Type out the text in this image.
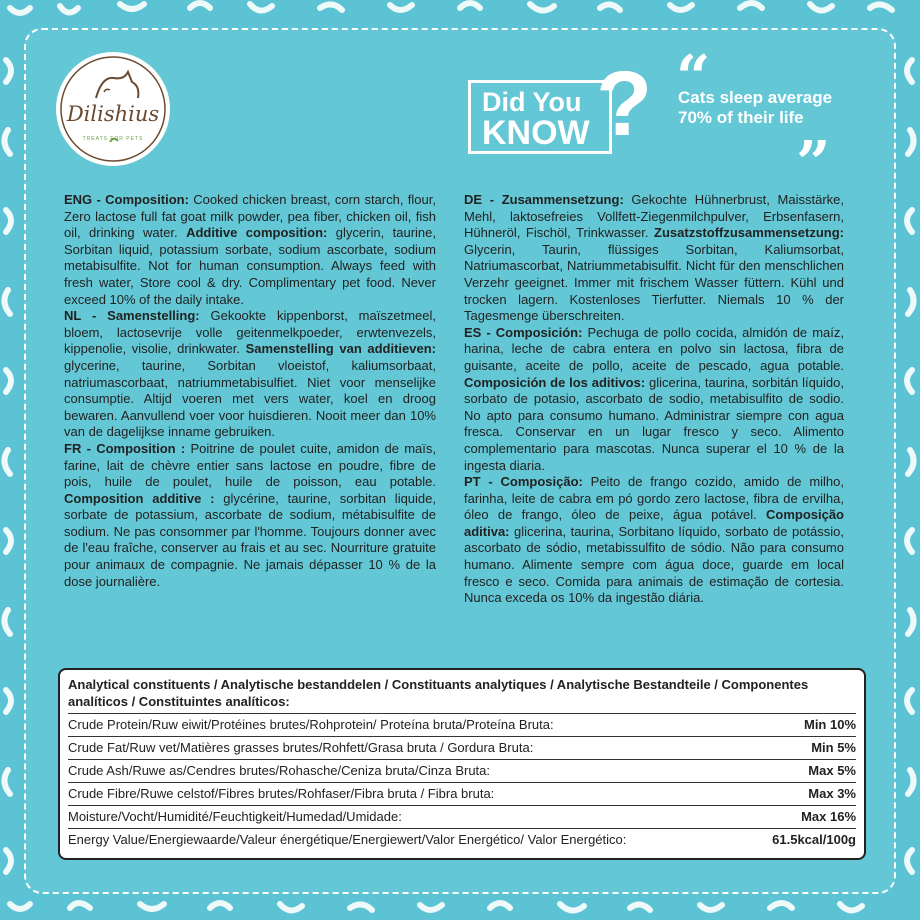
Dilishius
TREATS FOR PETS
Did You
KNOW ? “
Cats sleep average 70% of their life
”

ENG - Composition: Cooked chicken breast, corn starch, flour, Zero lactose full fat goat milk powder, pea fiber, chicken oil, fish oil, drinking water. Additive composition: glycerin, taurine, Sorbitan liquid, potassium sorbate, sodium ascorbate, sodium metabisulfite. Not for human consumption. Always feed with fresh water, Store cool & dry. Complimentary pet food. Never exceed 10% of the daily intake.

NL - Samenstelling: Gekookte kippenborst, maïszetmeel, bloem, lactosevrije volle geitenmelkpoeder, erwtenvezels, kippenolie, visolie, drinkwater. Samenstelling van additieven: glycerine, taurine, Sorbitan vloeistof, kaliumsorbaat, natriumascorbaat, natriummetabisulfiet. Niet voor menselijke consumptie. Altijd voeren met vers water, koel en droog bewaren. Aanvullend voer voor huisdieren. Nooit meer dan 10% van de dagelijkse inname gebruiken.

FR - Composition : Poitrine de poulet cuite, amidon de maïs, farine, lait de chèvre entier sans lactose en poudre, fibre de pois, huile de poulet, huile de poisson, eau potable. Composition additive : glycérine, taurine, sorbitan liquide, sorbate de potassium, ascorbate de sodium, métabisulfite de sodium. Ne pas consommer par l'homme. Toujours donner avec de l'eau fraîche, conserver au frais et au sec. Nourriture gratuite pour animaux de compagnie. Ne jamais dépasser 10 % de la dose journalière.

DE - Zusammensetzung: Gekochte Hühnerbrust, Maisstärke, Mehl, laktosefreies Vollfett-Ziegenmilchpulver, Erbsenfasern, Hühneröl, Fischöl, Trinkwasser. Zusatzstoffzusammensetzung: Glycerin, Taurin, flüssiges Sorbitan, Kaliumsorbat, Natriumascorbat, Natriummetabisulfit. Nicht für den menschlichen Verzehr geeignet. Immer mit frischem Wasser füttern. Kühl und trocken lagern. Kostenloses Tierfutter. Niemals 10 % der Tagesmenge überschreiten.

ES - Composición: Pechuga de pollo cocida, almidón de maíz, harina, leche de cabra entera en polvo sin lactosa, fibra de guisante, aceite de pollo, aceite de pescado, agua potable. Composición de los aditivos: glicerina, taurina, sorbitán líquido, sorbato de potasio, ascorbato de sodio, metabisulfito de sodio. No apto para consumo humano. Administrar siempre con agua fresca. Conservar en un lugar fresco y seco. Alimento complementario para mascotas. Nunca superar el 10 % de la ingesta diaria.

PT - Composição: Peito de frango cozido, amido de milho, farinha, leite de cabra em pó gordo zero lactose, fibra de ervilha, óleo de frango, óleo de peixe, água potável. Composição aditiva: glicerina, taurina, Sorbitano líquido, sorbato de potássio, ascorbato de sódio, metabissulfito de sódio. Não para consumo humano. Alimente sempre com água doce, guarde em local fresco e seco. Comida para animais de estimação de cortesia. Nunca exceda os 10% da ingestão diária.

Analytical constituents / Analytische bestanddelen / Constituants analytiques / Analytische Bestandteile / Componentes analíticos / Constituintes analíticos:
Crude Protein/Ruw eiwit/Protéines brutes/Rohprotein/ Proteína bruta/Proteína Bruta:	Min 10%
Crude Fat/Ruw vet/Matières grasses brutes/Rohfett/Grasa bruta / Gordura Bruta:	Min 5%
Crude Ash/Ruwe as/Cendres brutes/Rohasche/Ceniza bruta/Cinza Bruta:	Max 5%
Crude Fibre/Ruwe celstof/Fibres brutes/Rohfaser/Fibra bruta / Fibra bruta:	Max 3%
Moisture/Vocht/Humidité/Feuchtigkeit/Humedad/Umidade:	Max 16%
Energy Value/Energiewaarde/Valeur énergétique/Energiewert/Valor Energético/ Valor Energético:	61.5kcal/100g
